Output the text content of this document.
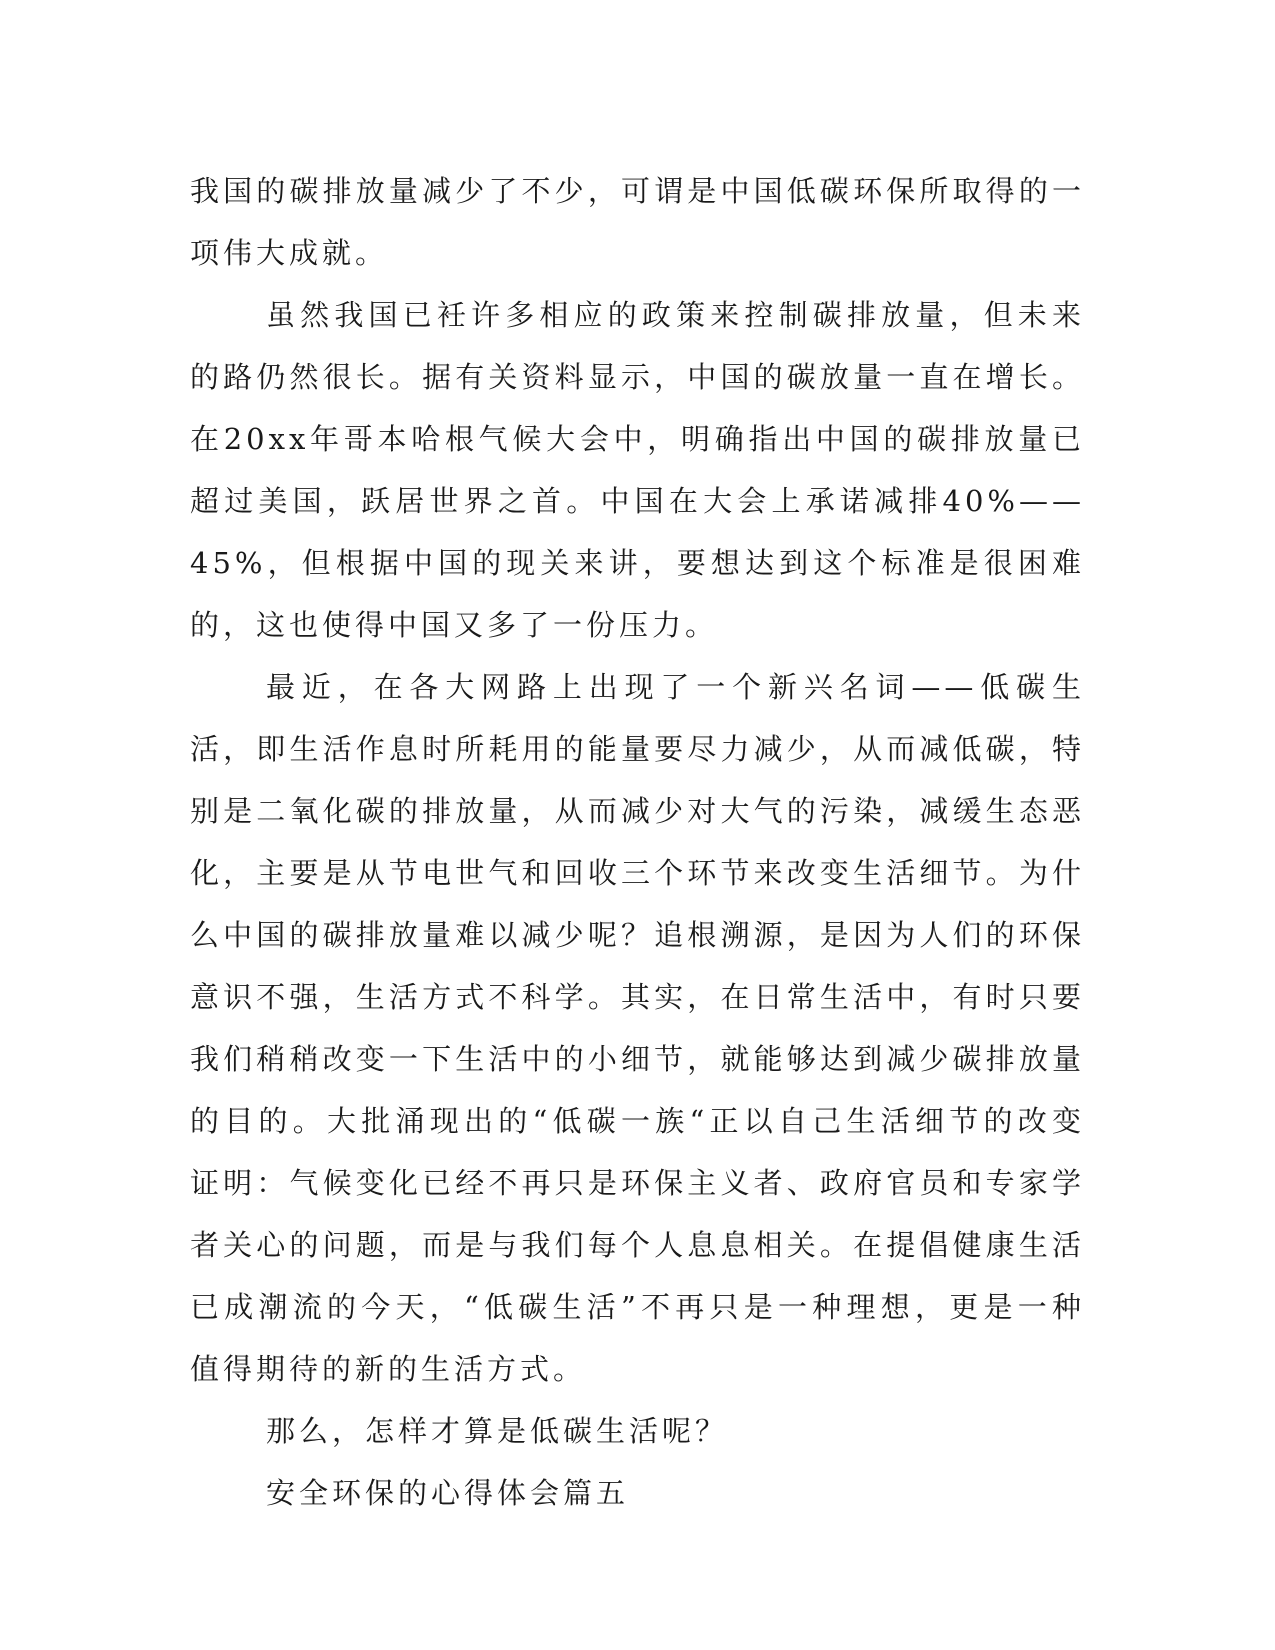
我国的碳排放量减少了不少，可谓是中国低碳环保所取得的一项伟大成就。

虽然我国已衽许多相应的政策来控制碳排放量，但未来的路仍然很长。据有关资料显示，中国的碳放量一直在增长。在20xx年哥本哈根气候大会中，明确指出中国的碳排放量已超过美国，跃居世界之首。中国在大会上承诺减排40%——45%，但根据中国的现关来讲，要想达到这个标准是很困难的，这也使得中国又多了一份压力。

最近，在各大网路上出现了一个新兴名词——低碳生活，即生活作息时所耗用的能量要尽力减少，从而减低碳，特别是二氧化碳的排放量，从而减少对大气的污染，减缓生态恶化，主要是从节电世气和回收三个环节来改变生活细节。为什么中国的碳排放量难以减少呢？追根溯源，是因为人们的环保意识不强，生活方式不科学。其实，在日常生活中，有时只要我们稍稍改变一下生活中的小细节，就能够达到减少碳排放量的目的。大批涌现出的“低碳一族“正以自己生活细节的改变证明：气候变化已经不再只是环保主义者、政府官员和专家学者关心的问题，而是与我们每个人息息相关。在提倡健康生活已成潮流的今天，“低碳生活”不再只是一种理想，更是一种值得期待的新的生活方式。

那么，怎样才算是低碳生活呢？

安全环保的心得体会篇五
